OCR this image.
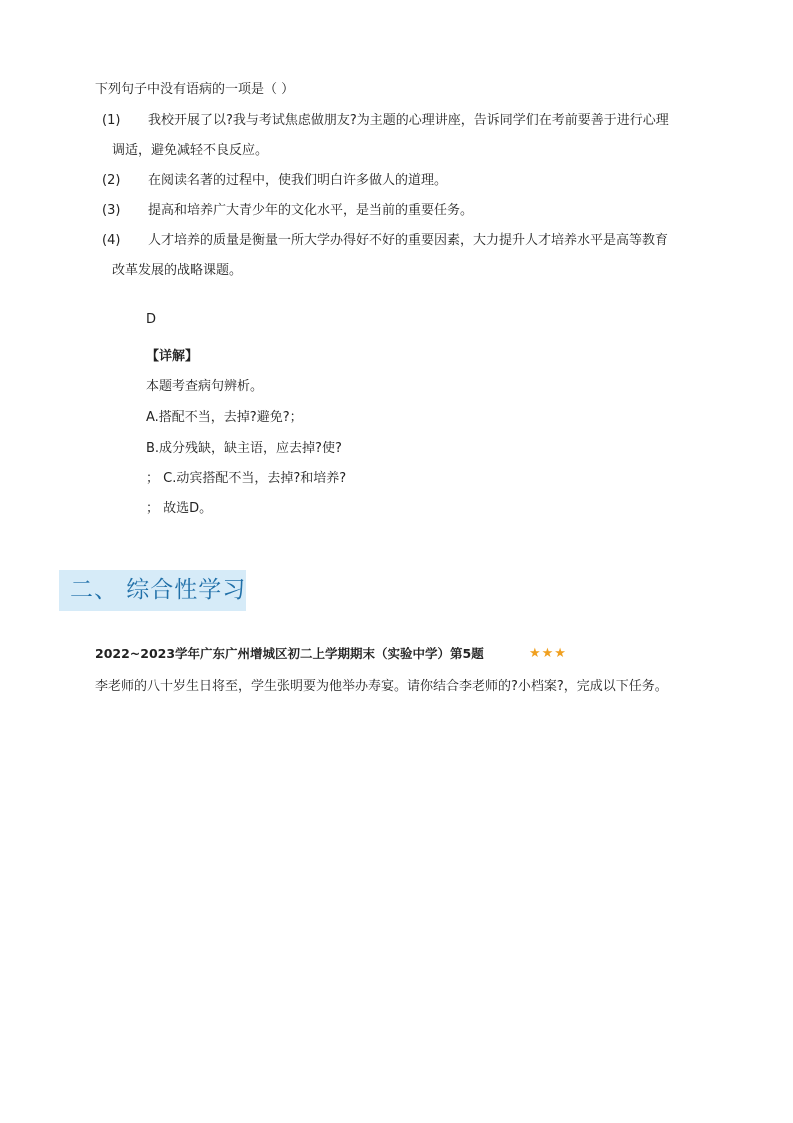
下列句子中没有语病的一项是（ ）
(1) 我校开展了以?我与考试焦虑做朋友?为主题的心理讲座，告诉同学们在考前要善于进行心理
调适，避免减轻不良反应。
(2) 在阅读名著的过程中，使我们明白许多做人的道理。
(3) 提高和培养广大青少年的文化水平，是当前的重要任务。
(4) 人才培养的质量是衡量一所大学办得好不好的重要因素，大力提升人才培养水平是高等教育
改革发展的战略课题。
D
【详解】
本题考查病句辨析。
A.搭配不当，去掉?避免?；
B.成分残缺，缺主语，应去掉?使?
； C.动宾搭配不当，去掉?和培养?
； 故选D。
二、 综合性学习
2022~2023学年广东广州增城区初二上学期期末（实验中学）第5题	★★★
李老师的八十岁生日将至，学生张明要为他举办寿宴。请你结合李老师的?小档案?，完成以下任务。
